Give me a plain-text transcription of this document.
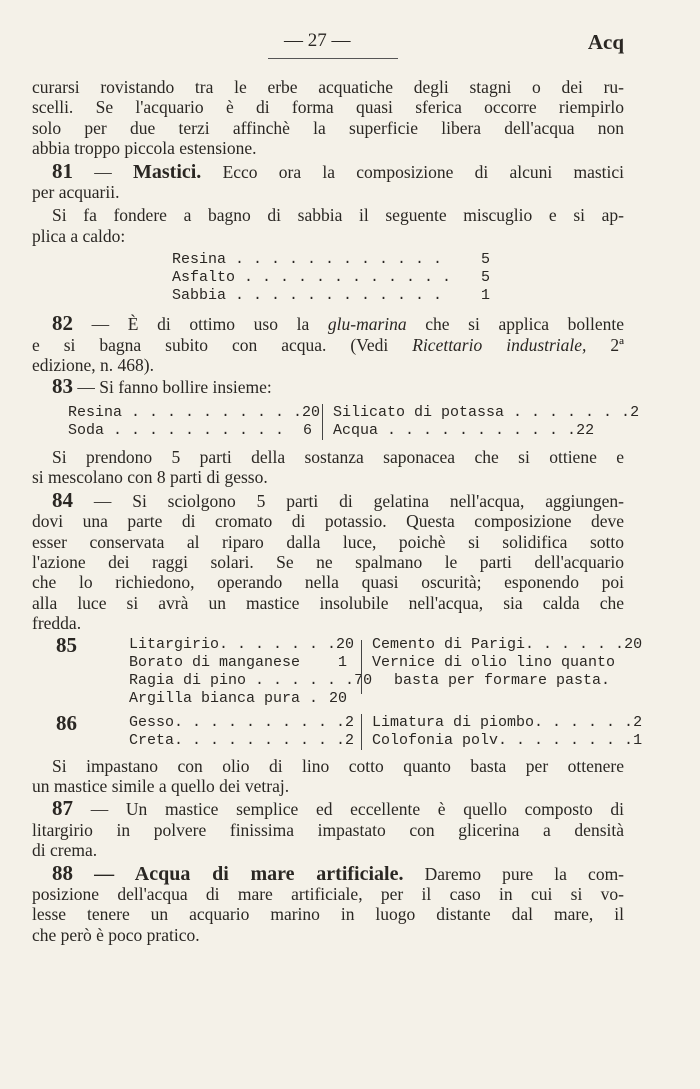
— 27 —	Acq

curarsi rovistando tra le erbe acquatiche degli stagni o dei ru-

scelli. Se l'acquario è di forma quasi sferica occorre riempirlo

solo per due terzi affinchè la superficie libera dell'acqua non

abbia troppo piccola estensione.

81 — Mastici. Ecco ora la composizione di alcuni mastici

per acquarii.

Si fa fondere a bagno di sabbia il seguente miscuglio e si ap-

plica a caldo:

Resina . . . . . . . . . . . .	5
Asfalto . . . . . . . . . . . .	5
Sabbia . . . . . . . . . . . .	1

82 — È di ottimo uso la glu-marina che si applica bollente

e si bagna subito con acqua. (Vedi Ricettario industriale, 2ª

edizione, n. 468).

83 — Si fanno bollire insieme:

Resina . . . . . . . . . . 20
Soda . . . . . . . . . .	6
Silicato di potassa . . . . . . . 2
Acqua . . . . . . . . . . . 22

Si prendono 5 parti della sostanza saponacea che si ottiene e

si mescolano con 8 parti di gesso.

84 — Si sciolgono 5 parti di gelatina nell'acqua, aggiungen-

dovi una parte di cromato di potassio. Questa composizione deve

esser conservata al riparo dalla luce, poichè si solidifica sotto

l'azione dei raggi solari. Se ne spalmano le parti dell'acquario

che lo richiedono, operando nella quasi oscurità; esponendo poi

alla luce si avrà un mastice insolubile nell'acqua, sia calda che

fredda.

85	Litargirio. . . . . . . 20
Borato di manganese	1
Ragia di pino . . . . . . 70
Argilla bianca pura . 20
Cemento di Parigi. . . . . . 20
Vernice di olio lino quanto
basta per formare pasta.
86	Gesso. . . . . . . . . . 2
Creta. . . . . . . . . . 2
Limatura di piombo. . . . . . 2
Colofonia polv. . . . . . . . 1

Si impastano con olio di lino cotto quanto basta per ottenere

un mastice simile a quello dei vetraj.

87 — Un mastice semplice ed eccellente è quello composto di

litargirio in polvere finissima impastato con glicerina a densità

di crema.

88 — Acqua di mare artificiale. Daremo pure la com-

posizione dell'acqua di mare artificiale, per il caso in cui si vo-

lesse tenere un acquario marino in luogo distante dal mare, il

che però è poco pratico.
